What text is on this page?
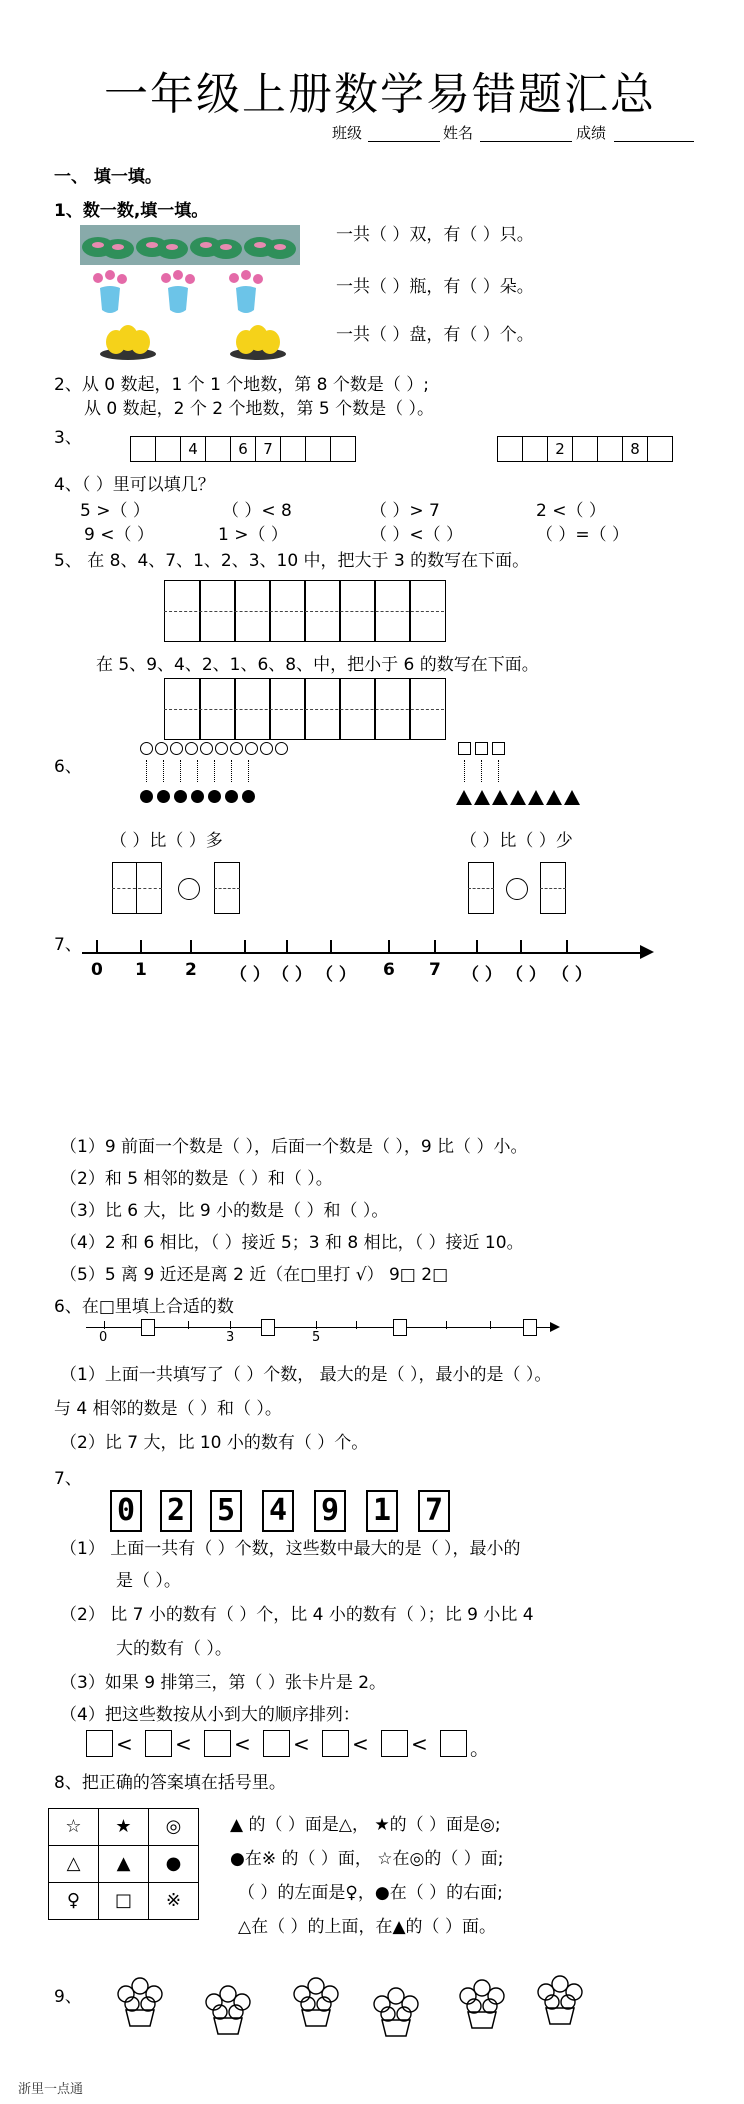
一年级上册数学易错题汇总
班级	姓名	成绩
一、 填一填。
1、数一数,填一填。
一共（ ）双，有（ ）只。
一共（ ）瓶，有（ ）朵。
一共（ ）盘，有（ ）个。
2、从 0 数起，1 个 1 个地数，第 8 个数是（ ）;
从 0 数起，2 个 2 个地数，第 5 个数是（ ）。
3、
4	6	7	2	8
4、（ ）里可以填几？
5 >（ ）	（ ）< 8	（ ）> 7	2 <（ ）
9 <（ ）	1 >（ ）	（ ）<（ ）	（ ）=（ ）
5、 在 8、4、7、1、2、3、10 中，把大于 3 的数写在下面。
在 5、9、4、2、1、6、8、中，把小于 6 的数写在下面。
6、
（ ）比（ ）多	（ ）比（ ）少
7、
0 1 2 （ ） （ ） （ ） 6 7 （ ） （ ） （ ）
（1）9 前面一个数是（ ），后面一个数是（ ），9 比（ ）小。
（2）和 5 相邻的数是（ ）和（ ）。
（3）比 6 大，比 9 小的数是（ ）和（ ）。
（4）2 和 6 相比，（ ）接近 5；3 和 8 相比，（ ）接近 10。
（5）5 离 9 近还是离 2 近（在□里打 √） 9□ 2□
6、在□里填上合适的数
0	3	5
（1）上面一共填写了（ ）个数， 最大的是（ ），最小的是（ ）。
与 4 相邻的数是（ ）和（ ）。
（2）比 7 大，比 10 小的数有（ ）个。
7、
0 2 5 4 9 1 7
（1） 上面一共有（ ）个数，这些数中最大的是（ ），最小的
是（ ）。
（2） 比 7 小的数有（ ）个，比 4 小的数有（ ）；比 9 小比 4
大的数有（ ）。
（3）如果 9 排第三，第（ ）张卡片是 2。
（4）把这些数按从小到大的顺序排列：
< < < < < < 。
8、把正确的答案填在括号里。
☆	★	◎
△	▲	●
♀	□	※
▲ 的（ ）面是△， ★的（ ）面是◎;
●在※ 的（ ）面， ☆在◎的（ ）面;
（ ）的左面是♀，●在（ ）的右面;
△在（ ）的上面，在▲的（ ）面。
9、
浙里一点通
